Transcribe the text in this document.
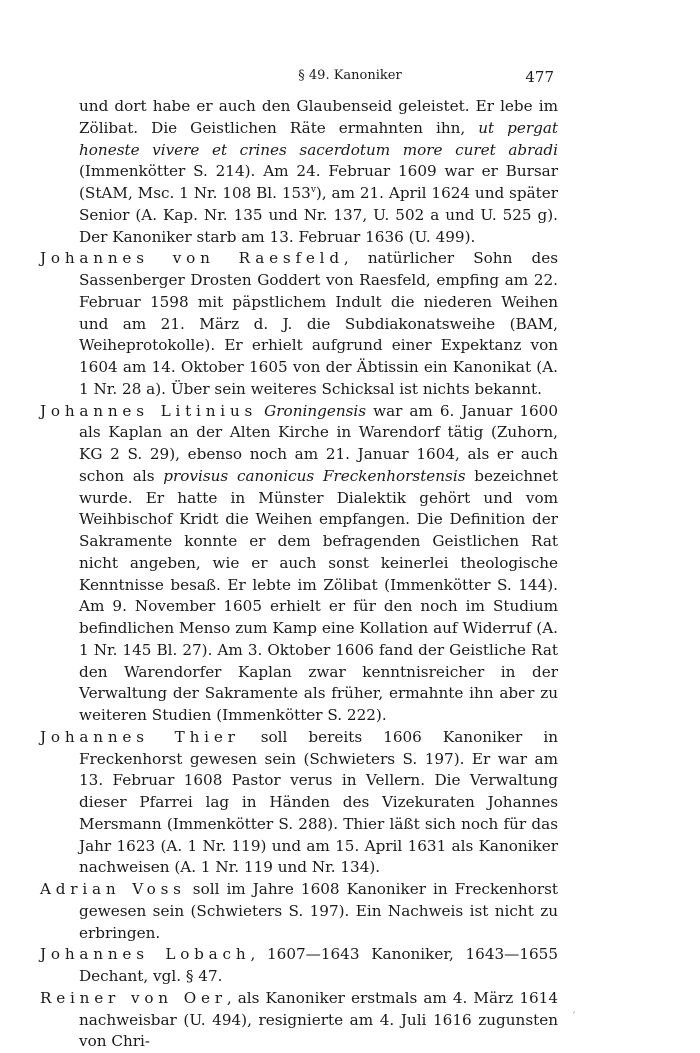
§ 49. Kanoniker	477

und dort habe er auch den Glaubenseid geleistet. Er lebe im Zölibat. Die Geistlichen Räte ermahnten ihn, ut pergat honeste vivere et crines sacerdotum more curet abradi (Immenkötter S. 214). Am 24. Februar 1609 war er Bursar (StAM, Msc. 1 Nr. 108 Bl. 153$^v$), am 21. April 1624 und später Senior (A. Kap. Nr. 135 und Nr. 137, U. 502 a und U. 525 g). Der Kanoniker starb am 13. Februar 1636 (U. 499).

Johannes von Raesfeld, natürlicher Sohn des Sassenberger Drosten Goddert von Raesfeld, empfing am 22. Februar 1598 mit päpstlichem Indult die niederen Weihen und am 21. März d. J. die Subdiakonatsweihe (BAM, Weiheprotokolle). Er erhielt aufgrund einer Expektanz von 1604 am 14. Oktober 1605 von der Äbtissin ein Kanonikat (A. 1 Nr. 28 a). Über sein weiteres Schicksal ist nichts bekannt.

Johannes Litinius Groningensis war am 6. Januar 1600 als Kaplan an der Alten Kirche in Warendorf tätig (Zuhorn, KG 2 S. 29), ebenso noch am 21. Januar 1604, als er auch schon als provisus canonicus Freckenhorstensis bezeichnet wurde. Er hatte in Münster Dialektik gehört und vom Weihbischof Kridt die Weihen empfangen. Die Definition der Sakramente konnte er dem befragenden Geistlichen Rat nicht angeben, wie er auch sonst keinerlei theologische Kenntnisse besaß. Er lebte im Zölibat (Immenkötter S. 144). Am 9. November 1605 erhielt er für den noch im Studium befindlichen Menso zum Kamp eine Kollation auf Widerruf (A. 1 Nr. 145 Bl. 27). Am 3. Oktober 1606 fand der Geistliche Rat den Warendorfer Kaplan zwar kenntnisreicher in der Verwaltung der Sakramente als früher, ermahnte ihn aber zu weiteren Studien (Immenkötter S. 222).

Johannes Thier soll bereits 1606 Kanoniker in Freckenhorst gewesen sein (Schwieters S. 197). Er war am 13. Februar 1608 Pastor verus in Vellern. Die Verwaltung dieser Pfarrei lag in Händen des Vizekuraten Johannes Mersmann (Immenkötter S. 288). Thier läßt sich noch für das Jahr 1623 (A. 1 Nr. 119) und am 15. April 1631 als Kanoniker nachweisen (A. 1 Nr. 119 und Nr. 134).

Adrian Voss soll im Jahre 1608 Kanoniker in Freckenhorst gewesen sein (Schwieters S. 197). Ein Nachweis ist nicht zu erbringen.

Johannes Lobach, 1607—1643 Kanoniker, 1643—1655 Dechant, vgl. § 47.

Reiner von Oer, als Kanoniker erstmals am 4. März 1614 nachweisbar (U. 494), resignierte am 4. Juli 1616 zugunsten von Chri-

´
